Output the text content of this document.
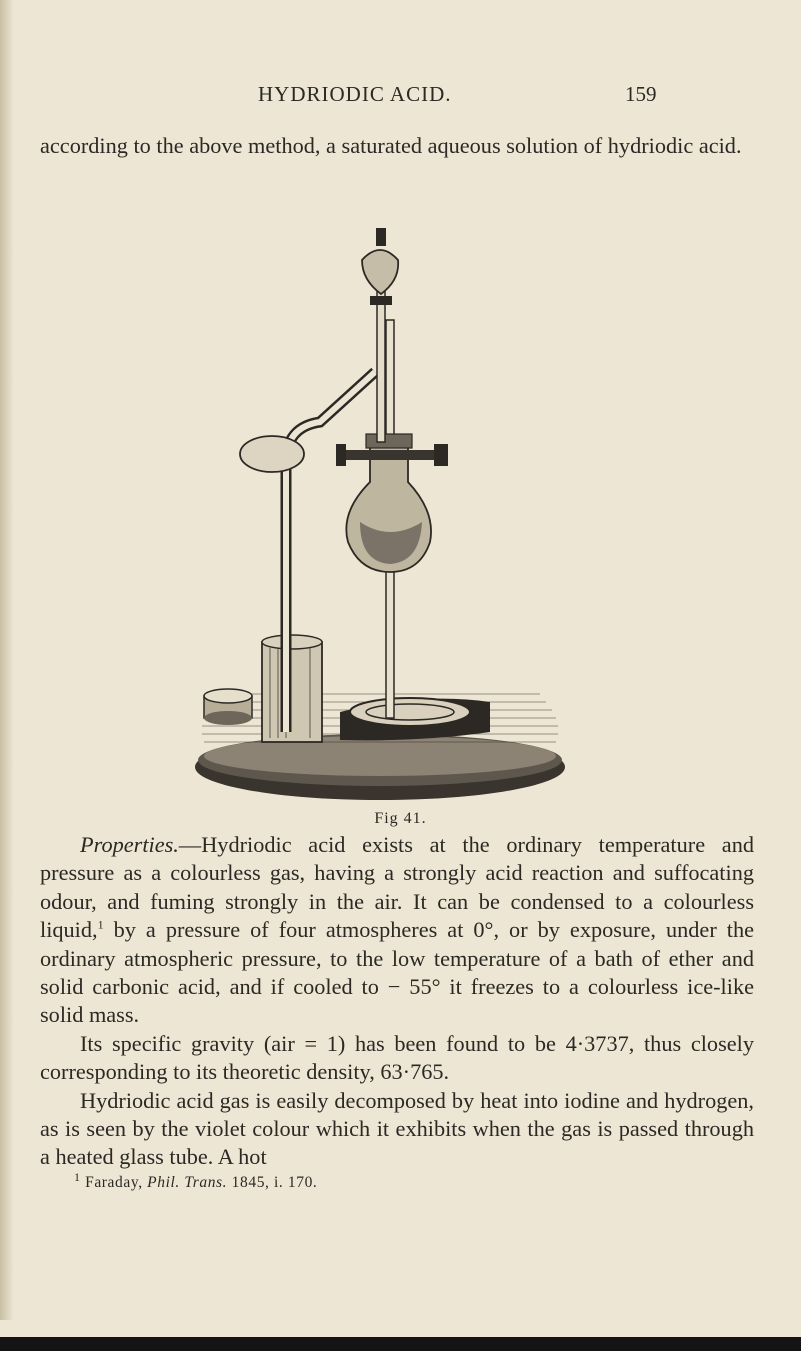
HYDRIODIC ACID.	159

according to the above method, a saturated aqueous solution of hydriodic acid.

Fig 41.

Properties.—Hydriodic acid exists at the ordinary temperature and pressure as a colourless gas, having a strongly acid reaction and suffocating odour, and fuming strongly in the air. It can be condensed to a colourless liquid,$^1$ by a pressure of four atmospheres at 0°, or by exposure, under the ordinary atmospheric pressure, to the low temperature of a bath of ether and solid carbonic acid, and if cooled to − 55° it freezes to a colourless ice-like solid mass.

Its specific gravity (air = 1) has been found to be 4·3737, thus closely corresponding to its theoretic density, 63·765.

Hydriodic acid gas is easily decomposed by heat into iodine and hydrogen, as is seen by the violet colour which it exhibits when the gas is passed through a heated glass tube. A hot

$^1$ Faraday, Phil. Trans. 1845, i. 170.
